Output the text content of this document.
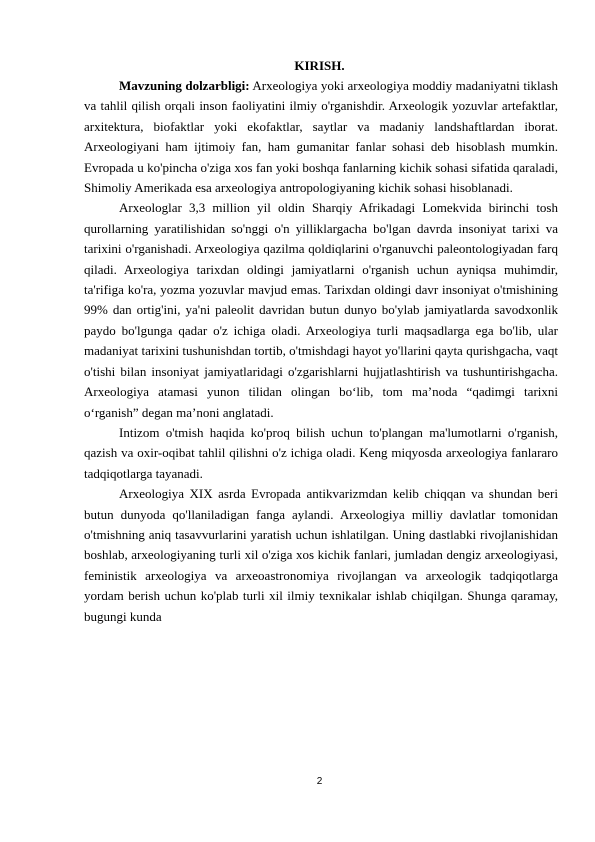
KIRISH.

Mavzuning dolzarbligi: Arxeologiya yoki arxeologiya moddiy madaniyatni tiklash va tahlil qilish orqali inson faoliyatini ilmiy o'rganishdir. Arxeologik yozuvlar artefaktlar, arxitektura, biofaktlar yoki ekofaktlar, saytlar va madaniy landshaftlardan iborat. Arxeologiyani ham ijtimoiy fan, ham gumanitar fanlar sohasi deb hisoblash mumkin. Evropada u ko'pincha o'ziga xos fan yoki boshqa fanlarning kichik sohasi sifatida qaraladi, Shimoliy Amerikada esa arxeologiya antropologiyaning kichik sohasi hisoblanadi.

Arxeologlar 3,3 million yil oldin Sharqiy Afrikadagi Lomekvida birinchi tosh qurollarning yaratilishidan so'nggi o'n yilliklargacha bo'lgan davrda insoniyat tarixi va tarixini o'rganishadi. Arxeologiya qazilma qoldiqlarini o'rganuvchi paleontologiyadan farq qiladi. Arxeologiya tarixdan oldingi jamiyatlarni o'rganish uchun ayniqsa muhimdir, ta'rifiga ko'ra, yozma yozuvlar mavjud emas. Tarixdan oldingi davr insoniyat o'tmishining 99% dan ortig'ini, ya'ni paleolit davridan butun dunyo bo'ylab jamiyatlarda savodxonlik paydo bo'lgunga qadar o'z ichiga oladi. Arxeologiya turli maqsadlarga ega bo'lib, ular madaniyat tarixini tushunishdan tortib, o'tmishdagi hayot yo'llarini qayta qurishgacha, vaqt o'tishi bilan insoniyat jamiyatlaridagi o'zgarishlarni hujjatlashtirish va tushuntirishgacha. Arxeologiya atamasi yunon tilidan olingan bo‘lib, tom ma’noda “qadimgi tarixni o‘rganish” degan ma’noni anglatadi.

Intizom o'tmish haqida ko'proq bilish uchun to'plangan ma'lumotlarni o'rganish, qazish va oxir-oqibat tahlil qilishni o'z ichiga oladi. Keng miqyosda arxeologiya fanlararo tadqiqotlarga tayanadi.

Arxeologiya XIX asrda Evropada antikvarizmdan kelib chiqqan va shundan beri butun dunyoda qo'llaniladigan fanga aylandi. Arxeologiya milliy davlatlar tomonidan o'tmishning aniq tasavvurlarini yaratish uchun ishlatilgan. Uning dastlabki rivojlanishidan boshlab, arxeologiyaning turli xil o'ziga xos kichik fanlari, jumladan dengiz arxeologiyasi, feministik arxeologiya va arxeoastronomiya rivojlangan va arxeologik tadqiqotlarga yordam berish uchun ko'plab turli xil ilmiy texnikalar ishlab chiqilgan. Shunga qaramay, bugungi kunda

2
